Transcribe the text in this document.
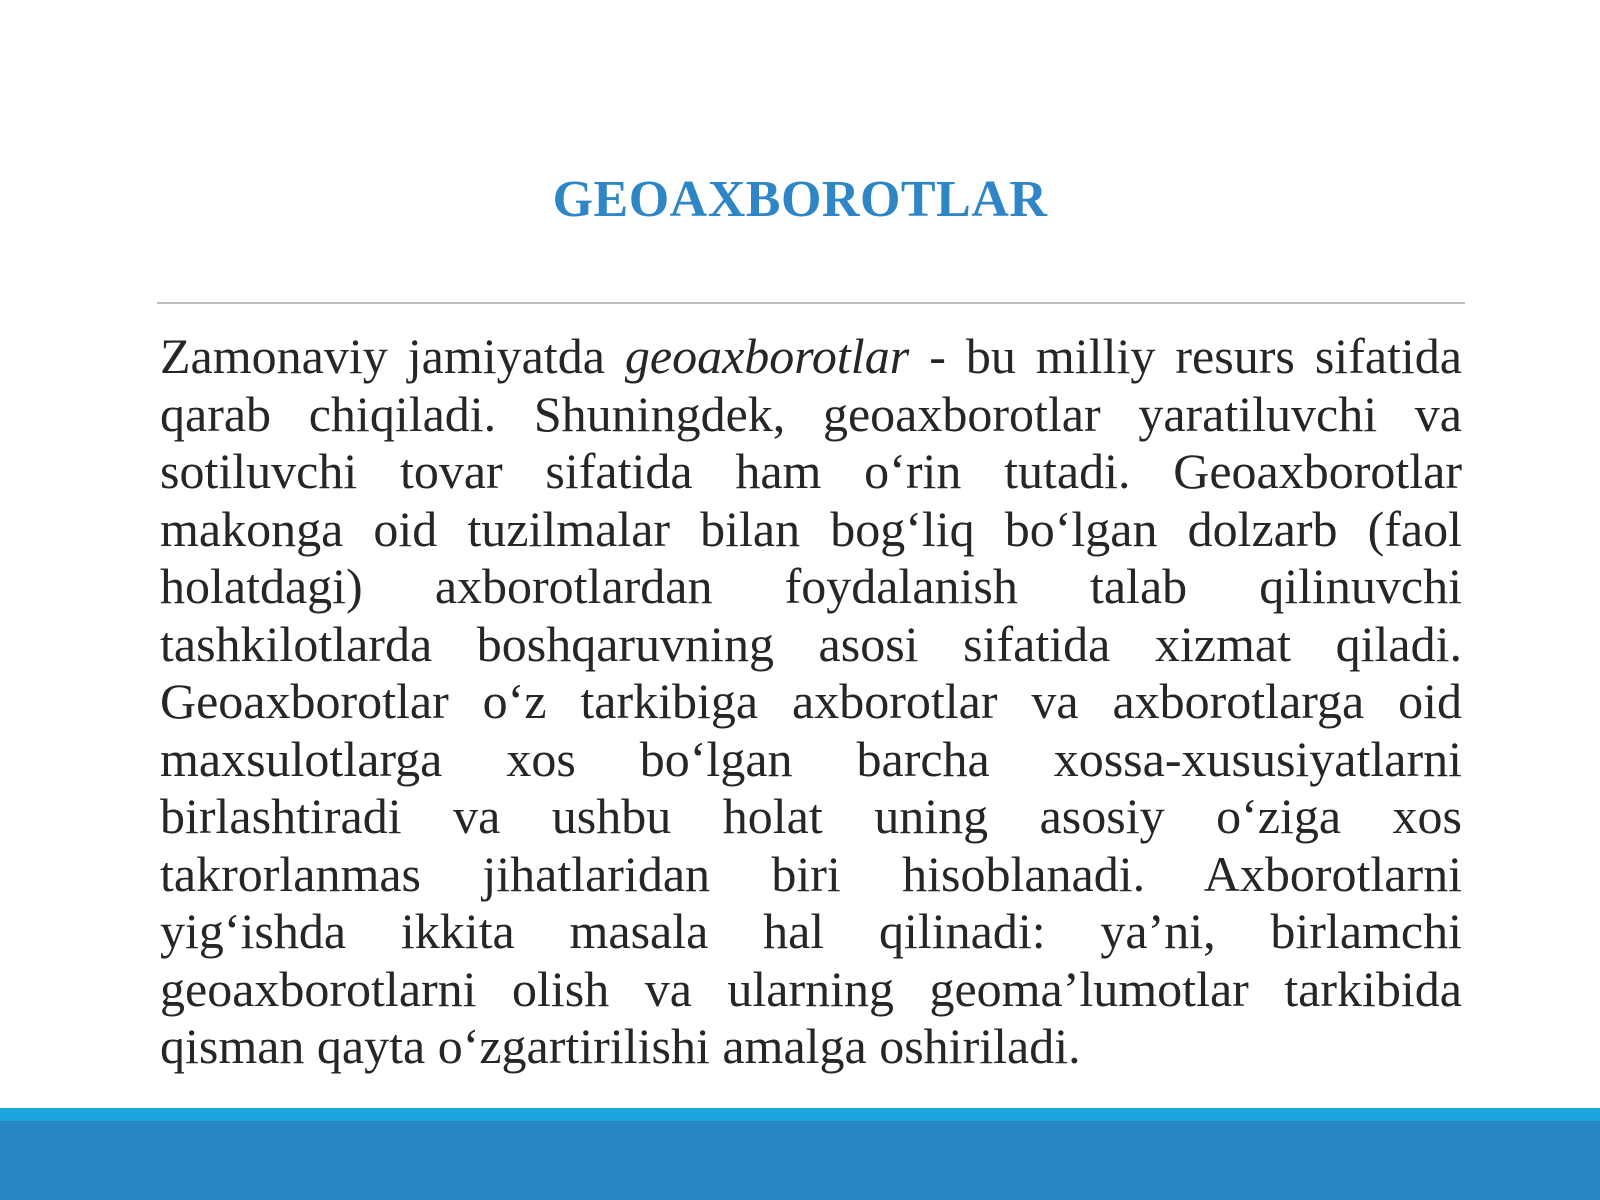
GEOAXBOROTLAR

Zamonaviy jamiyatda geoaxborotlar - bu milliy resurs sifatida qarab chiqiladi. Shuningdek, geoaxborotlar yaratiluvchi va sotiluvchi tovar sifatida ham o‘rin tutadi. Geoaxborotlar makonga oid tuzilmalar bilan bog‘liq bo‘lgan dolzarb (faol holatdagi) axborotlardan foydalanish talab qilinuvchi tashkilotlarda boshqaruvning asosi sifatida xizmat qiladi. Geoaxborotlar o‘z tarkibiga axborotlar va axborotlarga oid maxsulotlarga xos bo‘lgan barcha xossa-xususiyatlarni birlashtiradi va ushbu holat uning asosiy o‘ziga xos takrorlanmas jihatlaridan biri hisoblanadi. Axborotlarni yig‘ishda ikkita masala hal qilinadi: ya’ni, birlamchi geoaxborotlarni olish va ularning geoma’lumotlar tarkibida qisman qayta o‘zgartirilishi amalga oshiriladi.
